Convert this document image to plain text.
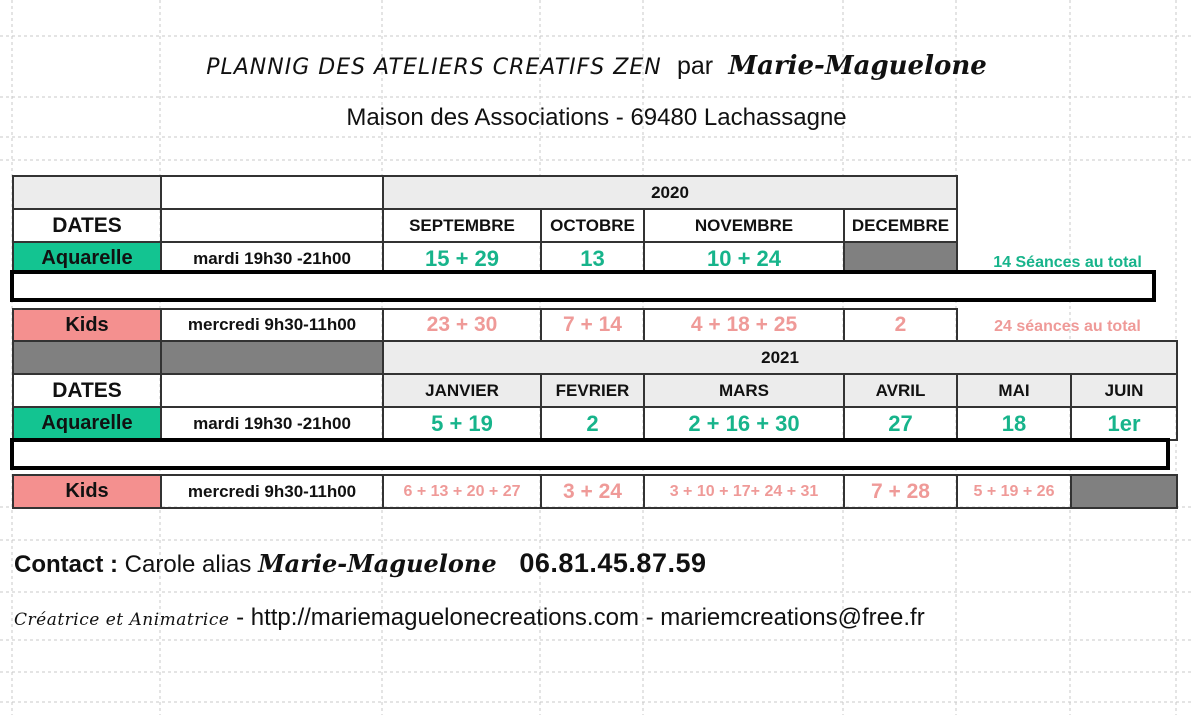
PLANNIG DES ATELIERS CREATIFS ZEN par Marie-Maguelone
Maison des Associations - 69480 Lachassagne
		2020				
DATES		SEPTEMBRE	OCTOBRE	NOVEMBRE	DECEMBRE	
Aquarelle	mardi 19h30 -21h00	15 + 29	13	10 + 24		14 Séances au total
Kids	mercredi 9h30-11h00	23 + 30	7 + 14	4 + 18 + 25	2	24 séances au total
		2021					
DATES		JANVIER	FEVRIER	MARS	AVRIL	MAI	JUIN
Aquarelle	mardi 19h30 -21h00	5 + 19	2	2 + 16 + 30	27	18	1er
Kids	mercredi 9h30-11h00	6 + 13 + 20 + 27	3 + 24	3 + 10 + 17+ 24 + 31	7 + 28	5 + 19 + 26	
Contact : Carole alias Marie-Maguelone 06.81.45.87.59
Créatrice et Animatrice - http://mariemaguelonecreations.com - mariemcreations@free.fr
